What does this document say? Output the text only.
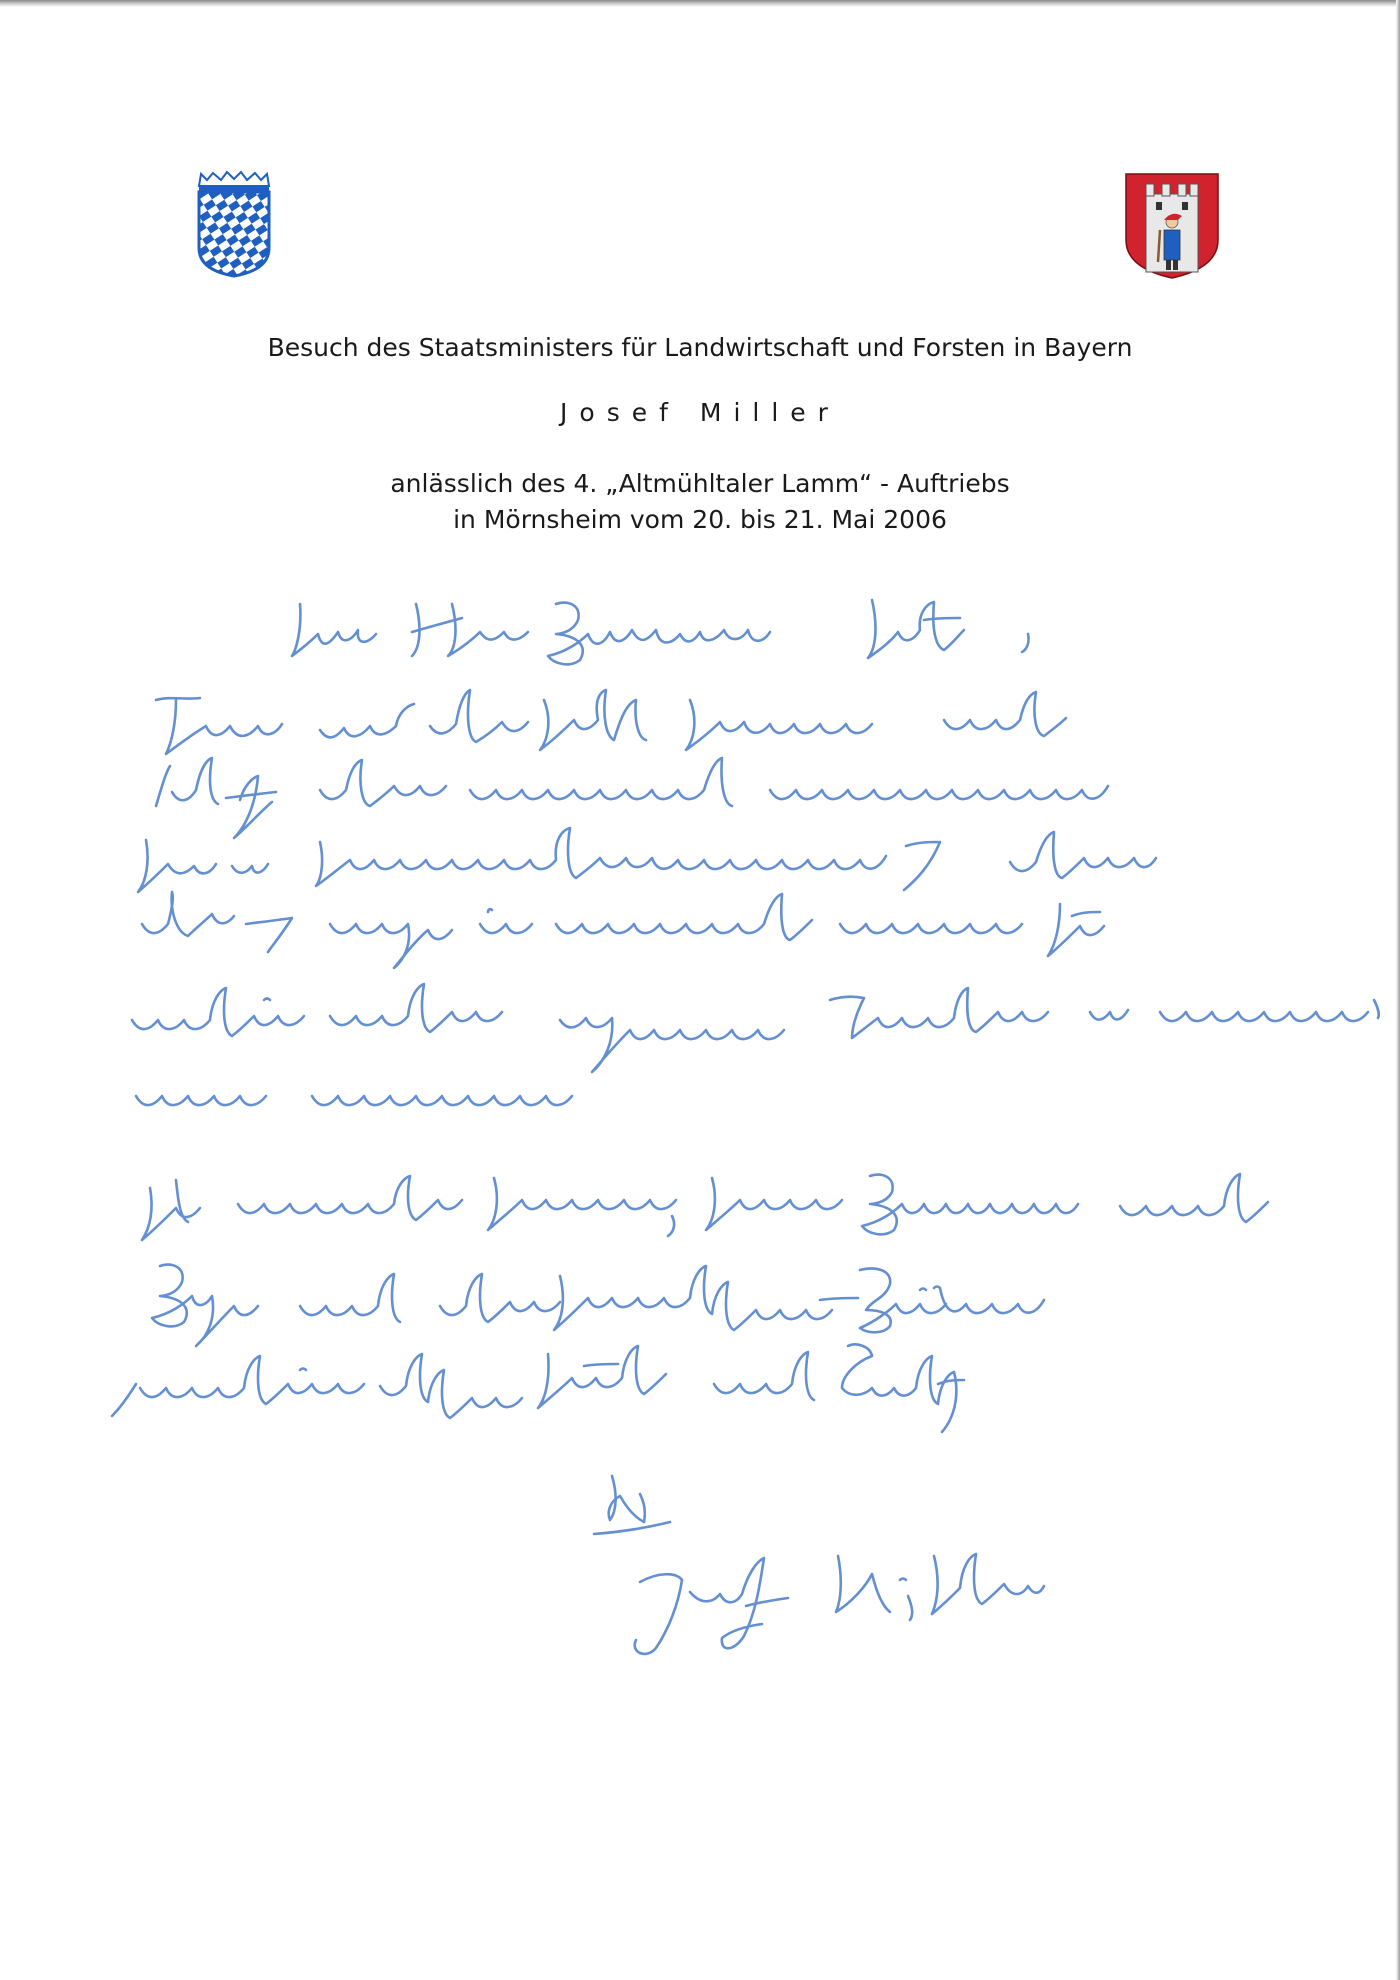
Besuch des Staatsministers für Landwirtschaft und Forsten in Bayern

Josef Miller

anlässlich des 4. „Altmühltaler Lamm“ - Auftriebs
in Mörnsheim vom 20. bis 21. Mai 2006
